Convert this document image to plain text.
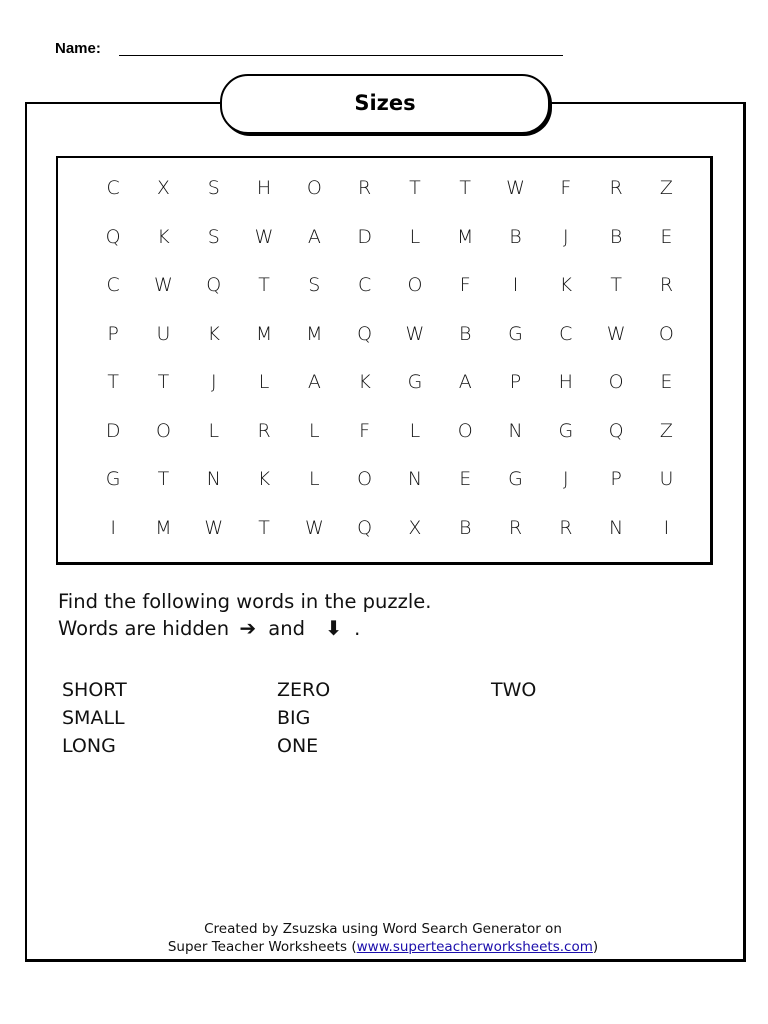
Name:
Sizes
C	X	S	H	O	R	T	T	W	F	R	Z
Q	K	S	W	A	D	L	M	B	J	B	E
C	W	Q	T	S	C	O	F	I	K	T	R
P	U	K	M	M	Q	W	B	G	C	W	O
T	T	J	L	A	K	G	A	P	H	O	E
D	O	L	R	L	F	L	O	N	G	Q	Z
G	T	N	K	L	O	N	E	G	J	P	U
I	M	W	T	W	Q	X	B	R	R	N	I
Find the following words in the puzzle.
Words are hidden ➔ and ⬇ .
SHORT
SMALL
LONG
ZERO
BIG
ONE
TWO
Created by Zsuzska using Word Search Generator on
Super Teacher Worksheets (www.superteacherworksheets.com)
